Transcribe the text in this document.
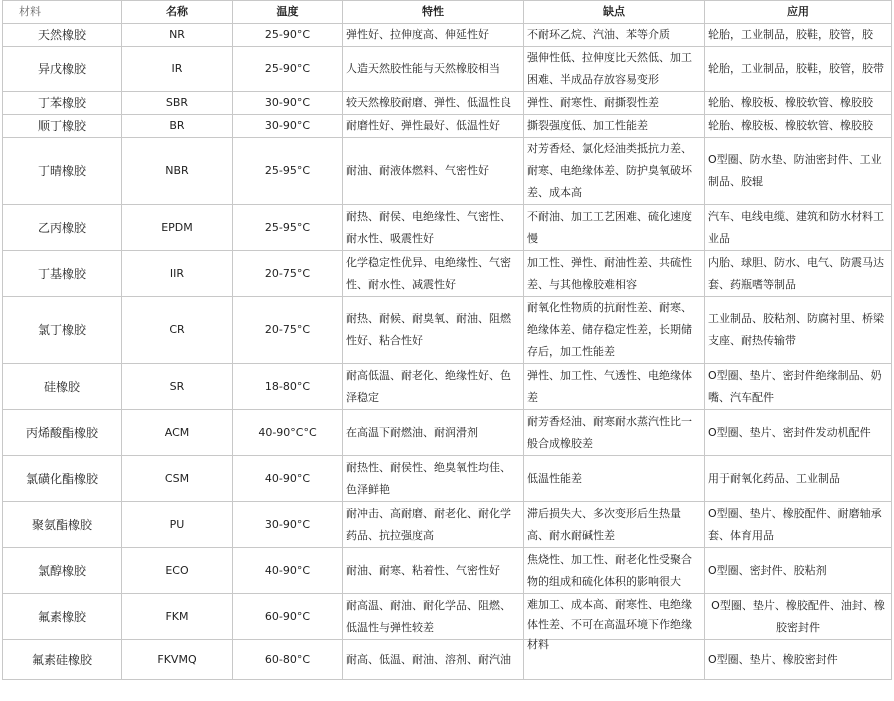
材料	名称	温度	特性	缺点	应用
天然橡胶	NR	25-90°C	弹性好、拉伸度高、伸延性好	不耐环乙烷、汽油、苯等介质	轮胎，工业制品，胶鞋，胶管，胶
异戊橡胶	IR	25-90°C	人造天然胶性能与天然橡胶相当	强伸性低、拉伸度比天然低、加工困难、半成品存放容易变形	轮胎，工业制品，胶鞋，胶管，胶带
丁苯橡胶	SBR	30-90°C	较天然橡胶耐磨、弹性、低温性良	弹性、耐寒性、耐撕裂性差	轮胎、橡胶板、橡胶软管、橡胶胶
顺丁橡胶	BR	30-90°C	耐磨性好、弹性最好、低温性好	撕裂强度低、加工性能差	轮胎、橡胶板、橡胶软管、橡胶胶
丁晴橡胶	NBR	25-95°C	耐油、耐液体燃料、气密性好	对芳香烃、氯化烃油类抵抗力差、耐寒、电绝缘体差、防护臭氧破坏差、成本高	O型圈、防水垫、防油密封件、工业制品、胶辊
乙丙橡胶	EPDM	25-95°C	耐热、耐侯、电绝缘性、气密性、耐水性、吸震性好	不耐油、加工工艺困难、硫化速度慢	汽车、电线电缆、建筑和防水材料工业品
丁基橡胶	IIR	20-75°C	化学稳定性优异、电绝缘性、气密性、耐水性、减震性好	加工性、弹性、耐油性差、共硫性差、与其他橡胶难相容	内胎、球胆、防水、电气、防震马达套、药瓶嗜等制品
氯丁橡胶	CR	20-75°C	耐热、耐候、耐臭氧、耐油、阻燃性好、粘合性好	耐氧化性物质的抗耐性差、耐寒、绝缘体差、储存稳定性差，长期储存后，加工性能差	工业制品、胶粘剂、防腐衬里、桥梁支座、耐热传输带
硅橡胶	SR	18-80°C	耐高低温、耐老化、绝缘性好、色泽稳定	弹性、加工性、气透性、电绝缘体差	O型圈、垫片、密封件绝缘制品、奶嘴、汽车配件
丙烯酸酯橡胶	ACM	40-90°C°C	在高温下耐燃油、耐润滑剂	耐芳香烃油、耐寒耐水蒸汽性比一般合成橡胶差	O型圈、垫片、密封件发动机配件
氯磺化酯橡胶	CSM	40-90°C	耐热性、耐侯性、绝臭氧性均佳、色泽鲜艳	低温性能差	用于耐氧化药品、工业制品
聚氨酯橡胶	PU	30-90°C	耐冲击、高耐磨、耐老化、耐化学药品、抗拉强度高	滞后损失大、多次变形后生热量高、耐水耐碱性差	O型圈、垫片、橡胶配件、耐磨轴承套、体育用品
氯醇橡胶	ECO	40-90°C	耐油、耐寒、粘着性、气密性好	焦烧性、加工性、耐老化性受聚合物的组成和硫化体积的影响很大	O型圈、密封件、胶粘剂
氟素橡胶	FKM	60-90°C	耐高温、耐油、耐化学品、阻燃、低温性与弹性较差	难加工、成本高、耐寒性、电绝缘体性差、不可在高温环境下作绝缘材料	O型圈、垫片、橡胶配件、油封、橡胶密封件
氟素硅橡胶	FKVMQ	60-80°C	耐高、低温、耐油、溶剂、耐汽油		O型圈、垫片、橡胶密封件
